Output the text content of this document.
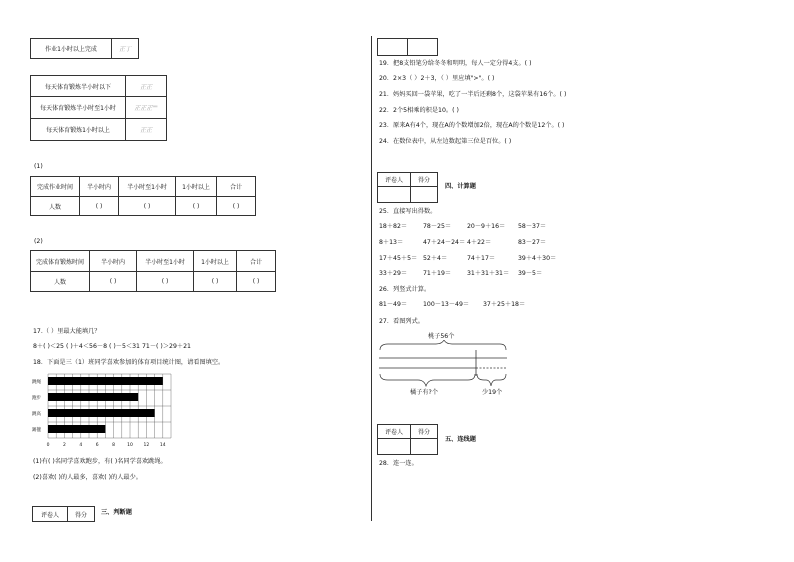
作业1小时以上完成	正丁
每天体育锻炼半小时以下	正正
每天体育锻炼半小时至1小时	正正正""
每天体育锻炼1小时以上	正正
(1)
完成作业时间	半小时内	半小时至1小时	1小时以上	合计
人数	( )	( )	( )	( )
(2)
完成体育锻炼时间	半小时内	半小时至1小时	1小时以上	合计
人数	( )	( )	( )	( )
17.（ ）里最大能填几？
8＋( )＜25 ( )＋4＜56－8 ( )－5＜31 71－( )＞29＋21
18．下面是三（1）班同学喜欢参加的体育项目统计图，请看图填空。
跳绳
跑步
跳高
踢毽
0	2	4	6	8	10 12 14
(1)有( )名同学喜欢跑步，有( )名同学喜欢跳绳。
(2)喜欢( )的人最多，喜欢( )的人最少。
评卷人	得分 三、判断题

19．把8支铅笔分给冬冬和明明，每人一定分得4支。( )
20．2×3（ ）2＋3，（ ）里应填">"。( )
21．妈妈买回一袋苹果，吃了一半后还剩8个，这袋苹果有16个。( )
22．2个5相乘的积是10。( )
23．原来A有4个，现在A的个数增加2倍，现在A的个数是12个。( )
24．在数位表中，从左边数起第三位是百位。( )
评卷人	得分

四、计算题
25．直接写出得数。
18＋82＝	78－25＝	20－9＋16＝ 58－37＝
8＋13＝	47＋24－24＝ 4＋22＝	83－27＝
17＋45＋5＝ 52＋4＝	74＋17＝	39＋4＋30＝
33＋29＝	71＋19＝	31＋31＋31＝ 39－5＝
26．列竖式计算。
81－49＝	100－13－49＝ 37＋25＋18＝
27．看图列式。
桃子56个
橘子有?个	少19个
评卷人	得分

五、连线题
28．连一连。
